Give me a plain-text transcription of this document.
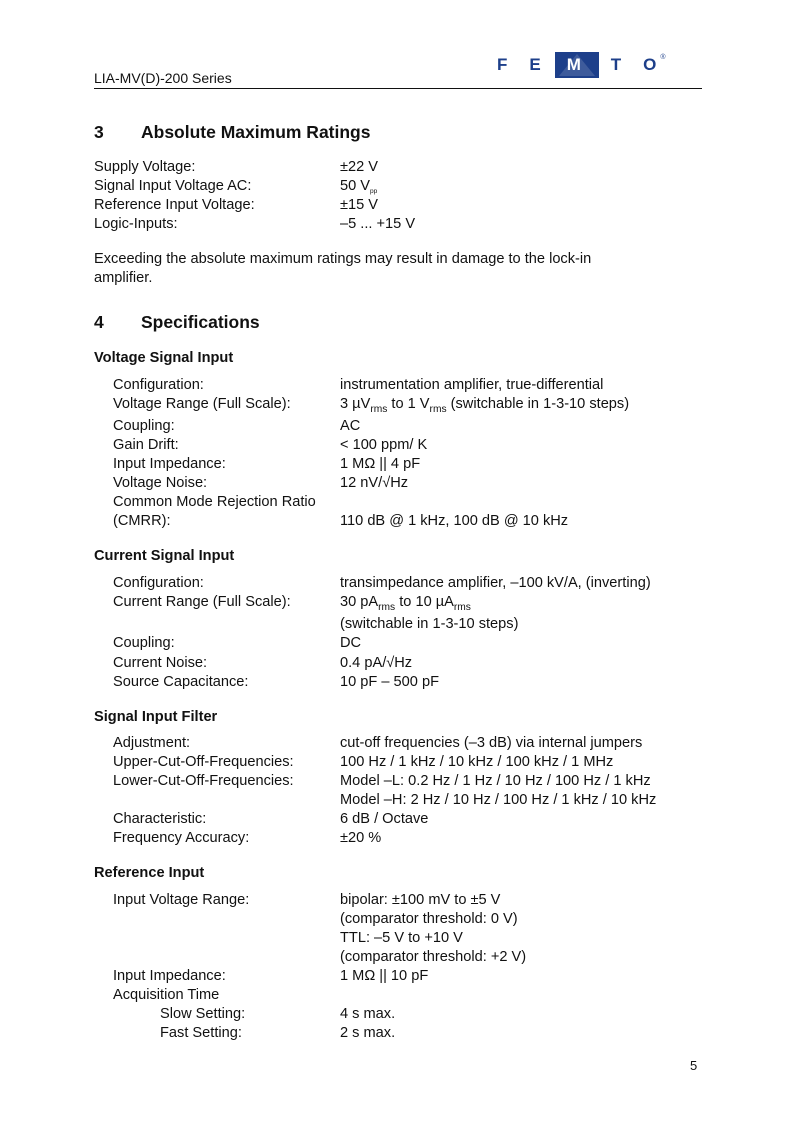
LIA-MV(D)-200 Series
F E M T O ®
3	Absolute Maximum Ratings
Supply Voltage:	±22 V
Signal Input Voltage AC:	50 $V_{pp}$
Reference Input Voltage:	±15 V
Logic-Inputs:	–5 ... +15 V
Exceeding the absolute maximum ratings may result in damage to the lock-in
amplifier.
4	Specifications
Voltage Signal Input
Configuration:	instrumentation amplifier, true-differential
Voltage Range (Full Scale):	3 µV$_{rms}$ to 1 $V_{rms}$ (switchable in 1-3-10 steps)
Coupling:	AC
Gain Drift:	< 100 ppm/ K
Input Impedance:	1 MΩ || 4 pF
Voltage Noise:	12 nV/√Hz
Common Mode Rejection Ratio
(CMRR):	110 dB @ 1 kHz, 100 dB @ 10 kHz
Current Signal Input
Configuration:	transimpedance amplifier, –100 kV/A, (inverting)
Current Range (Full Scale):	30 $pA_{rms}$ to 10 µA$_{rms}$
(switchable in 1-3-10 steps)
Coupling:	DC
Current Noise:	0.4 pA/√Hz
Source Capacitance:	10 pF – 500 pF
Signal Input Filter
Adjustment:	cut-off frequencies (–3 dB) via internal jumpers
Upper-Cut-Off-Frequencies:	100 Hz / 1 kHz / 10 kHz / 100 kHz / 1 MHz
Lower-Cut-Off-Frequencies:	Model –L: 0.2 Hz / 1 Hz / 10 Hz / 100 Hz / 1 kHz
Model –H: 2 Hz / 10 Hz / 100 Hz / 1 kHz / 10 kHz
Characteristic:	6 dB / Octave
Frequency Accuracy:	±20 %
Reference Input
Input Voltage Range:	bipolar: ±100 mV to ±5 V
(comparator threshold: 0 V)
TTL: –5 V to +10 V
(comparator threshold: +2 V)
Input Impedance:	1 MΩ || 10 pF
Acquisition Time
Slow Setting:	4 s max.
Fast Setting:	2 s max.
5
